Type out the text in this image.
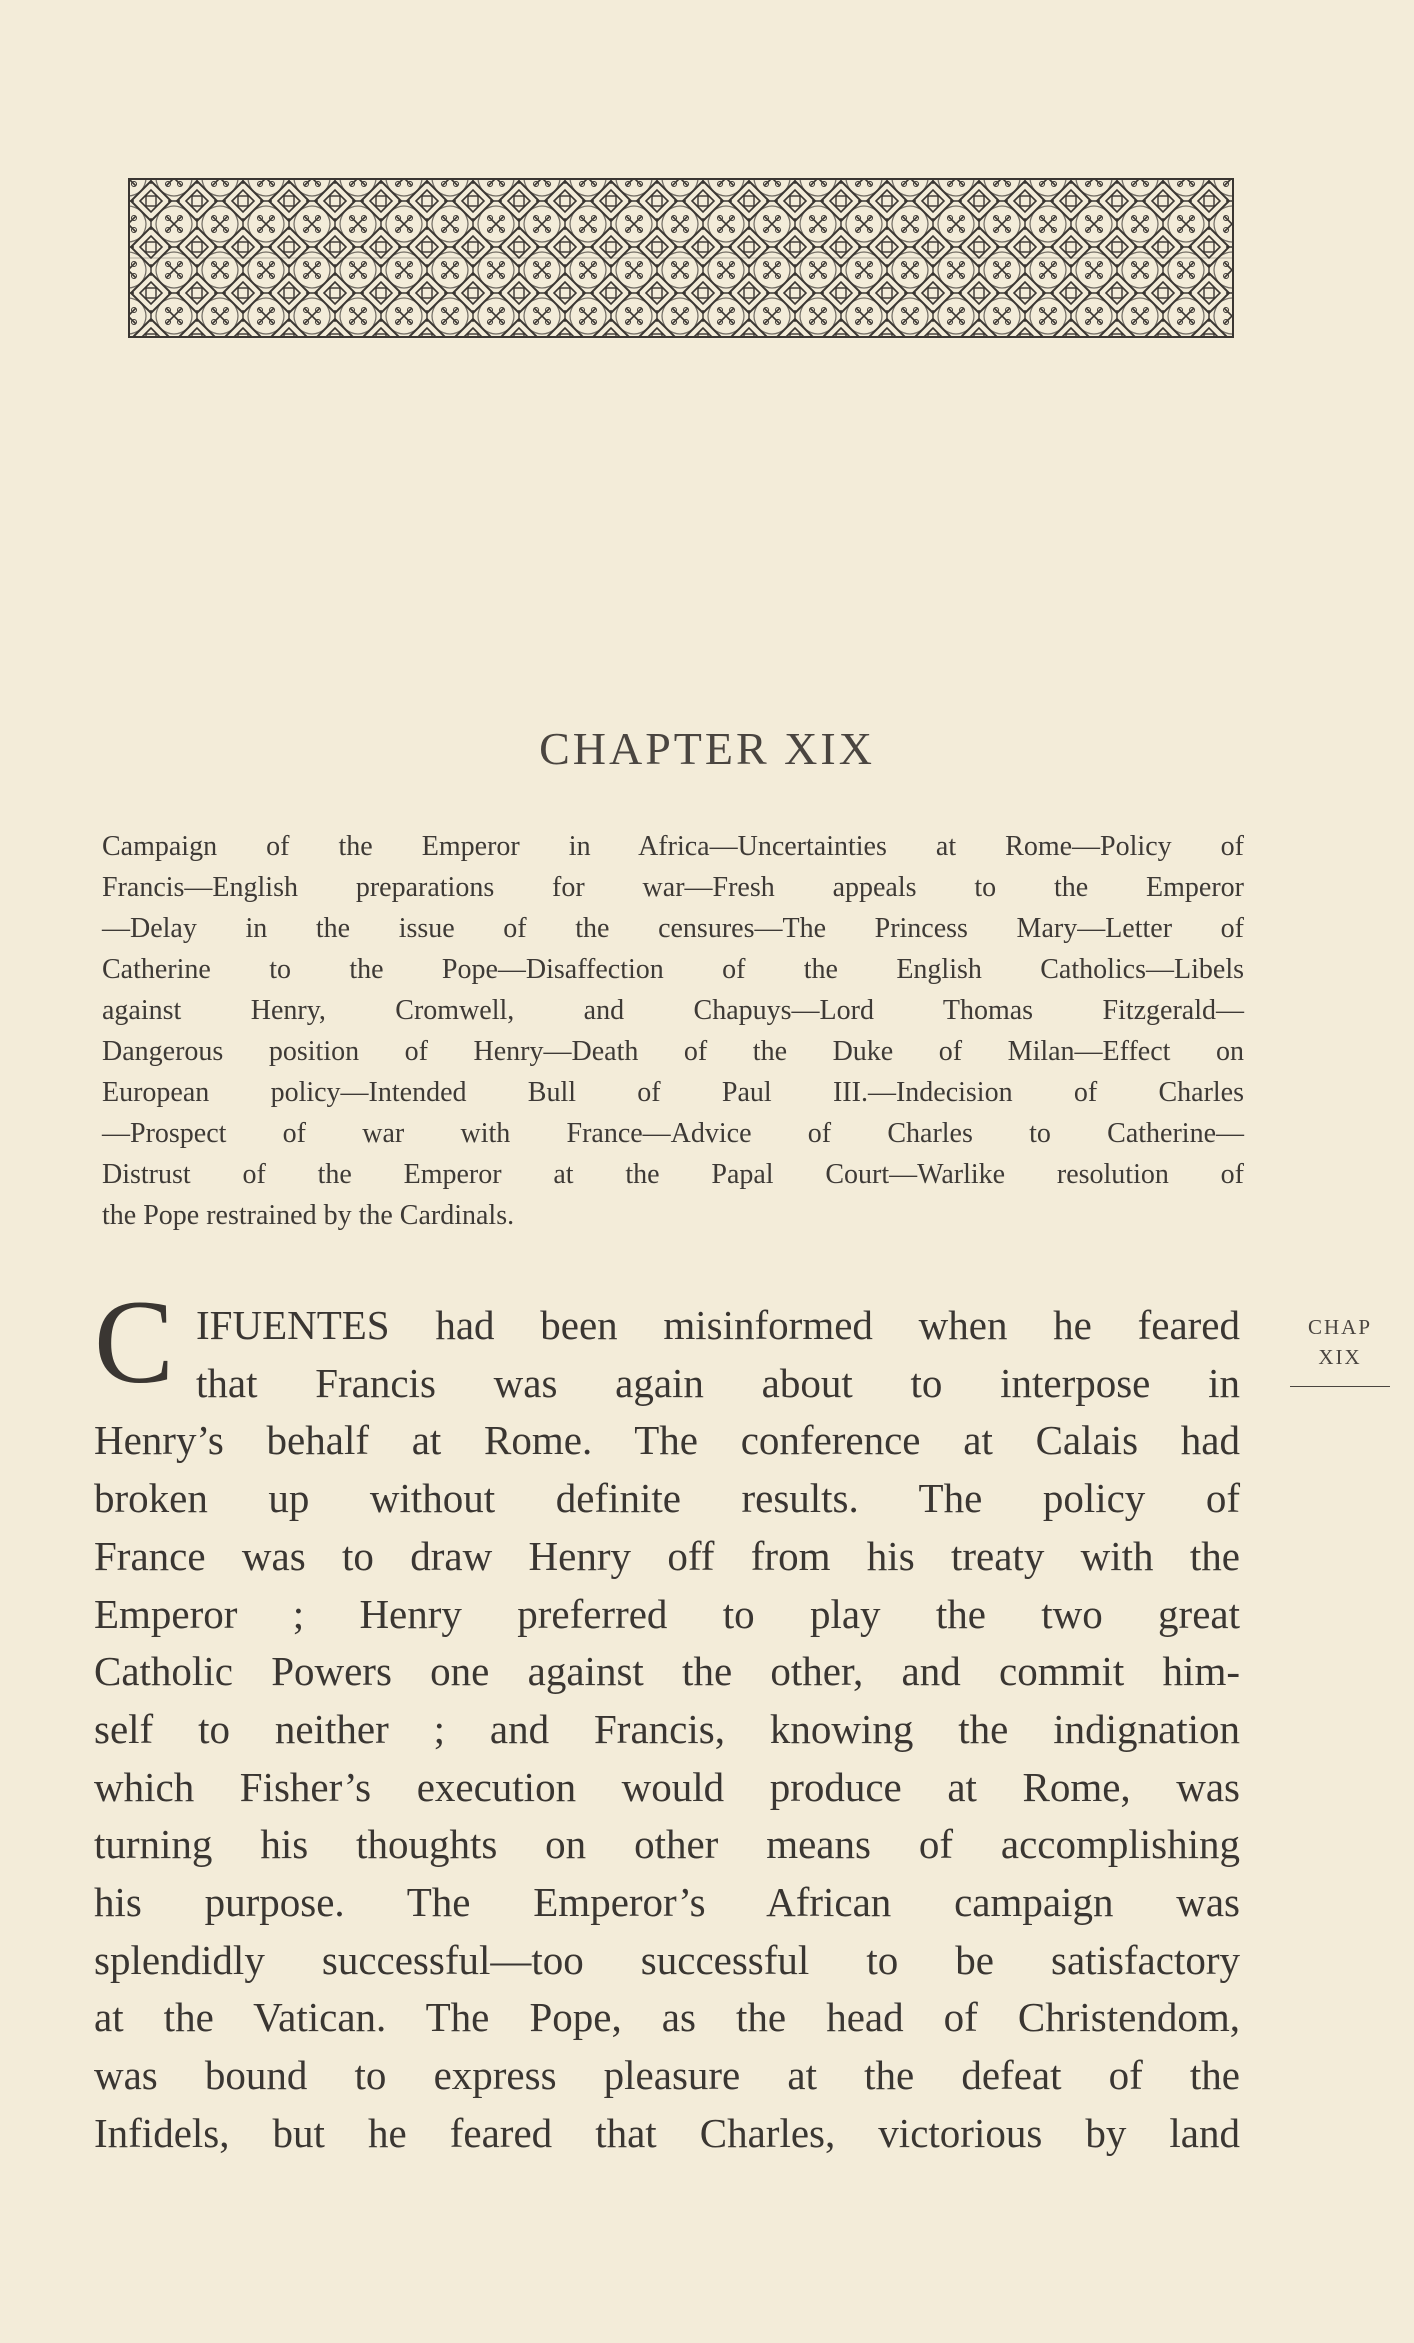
CHAPTER XIX

Campaign of the Emperor in Africa—Uncertainties at Rome—Policy of
Francis—English preparations for war—Fresh appeals to the Emperor
—Delay in the issue of the censures—The Princess Mary—Letter of
Catherine to the Pope—Disaffection of the English Catholics—Libels
against Henry, Cromwell, and Chapuys—Lord Thomas Fitzgerald—
Dangerous position of Henry—Death of the Duke of Milan—Effect on
European policy—Intended Bull of Paul III.—Indecision of Charles
—Prospect of war with France—Advice of Charles to Catherine—
Distrust of the Emperor at the Papal Court—Warlike resolution of
the Pope restrained by the Cardinals.

C IFUENTES had been misinformed when he feared
that Francis was again about to interpose in
Henry’s behalf at Rome. The conference at Calais had
broken up without definite results. The policy of
France was to draw Henry off from his treaty with the
Emperor ; Henry preferred to play the two great
Catholic Powers one against the other, and commit him-
self to neither ; and Francis, knowing the indignation
which Fisher’s execution would produce at Rome, was
turning his thoughts on other means of accomplishing
his purpose. The Emperor’s African campaign was
splendidly successful—too successful to be satisfactory
at the Vatican. The Pope, as the head of Christendom,
was bound to express pleasure at the defeat of the
Infidels, but he feared that Charles, victorious by land
CHAP
XIX
